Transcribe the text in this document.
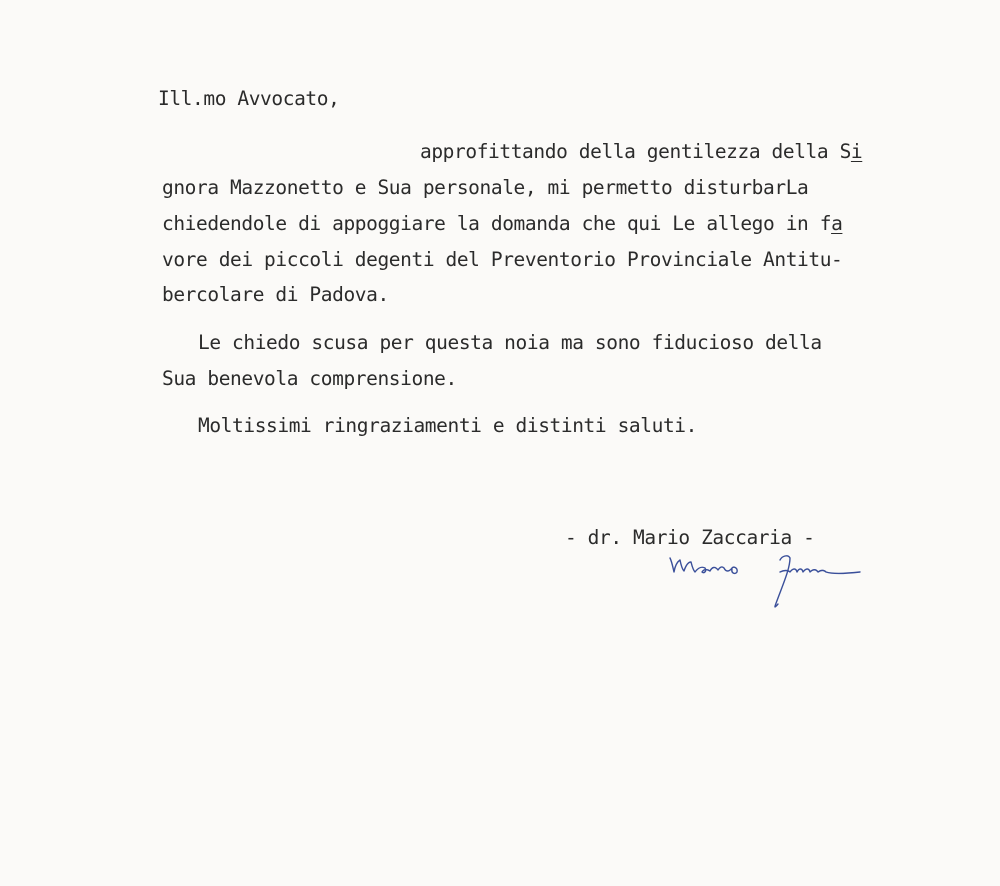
Ill.mo Avvocato,
approfittando della gentilezza della Si
gnora Mazzonetto e Sua personale, mi permetto disturbarLa
chiedendole di appoggiare la domanda che qui Le allego in fa
vore dei piccoli degenti del Preventorio Provinciale Antitu-
bercolare di Padova.
Le chiedo scusa per questa noia ma sono fiducioso della
Sua benevola comprensione.
Moltissimi ringraziamenti e distinti saluti.
- dr. Mario Zaccaria -
